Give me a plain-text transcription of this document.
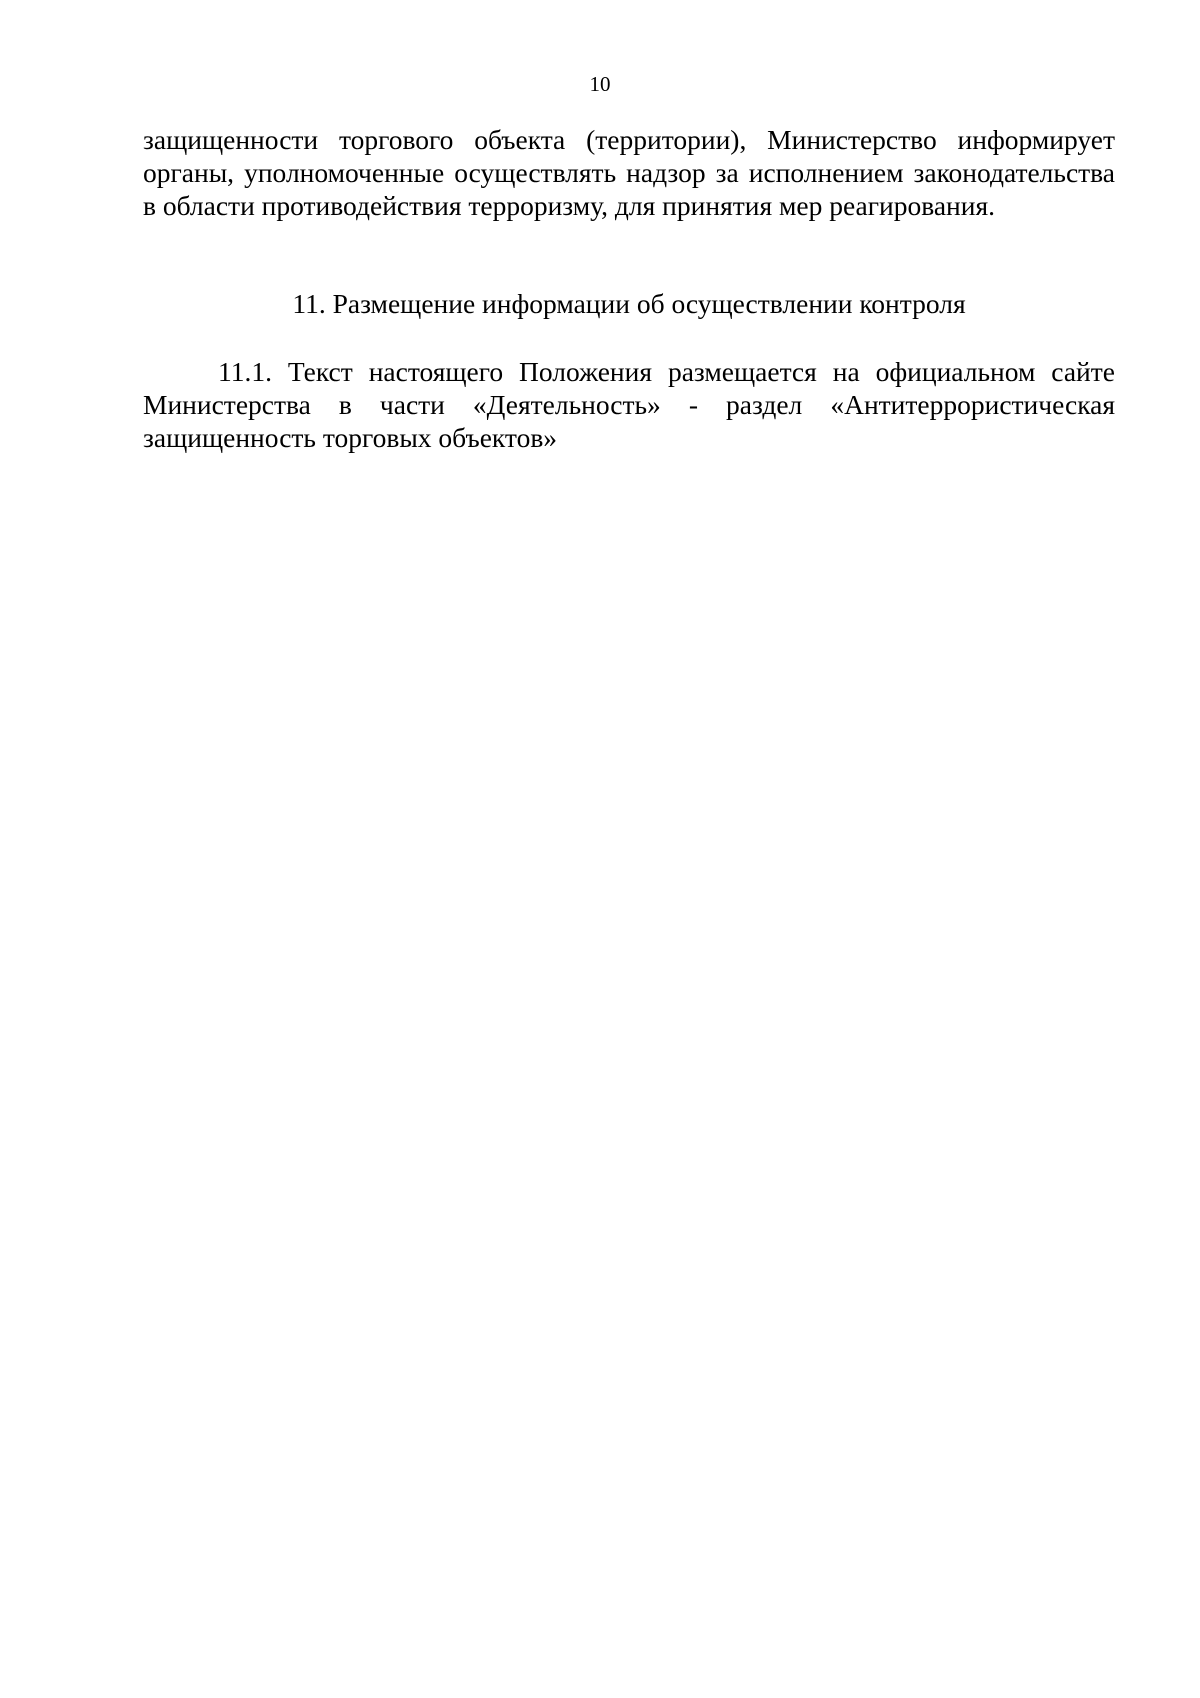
10

защищенности торгового объекта (территории), Министерство информирует органы, уполномоченные осуществлять надзор за исполнением законодательства в области противодействия терроризму, для принятия мер реагирования.

11. Размещение информации об осуществлении контроля

11.1. Текст настоящего Положения размещается на официальном сайте Министерства в части «Деятельность» - раздел «Антитеррористическая защищенность торговых объектов»
